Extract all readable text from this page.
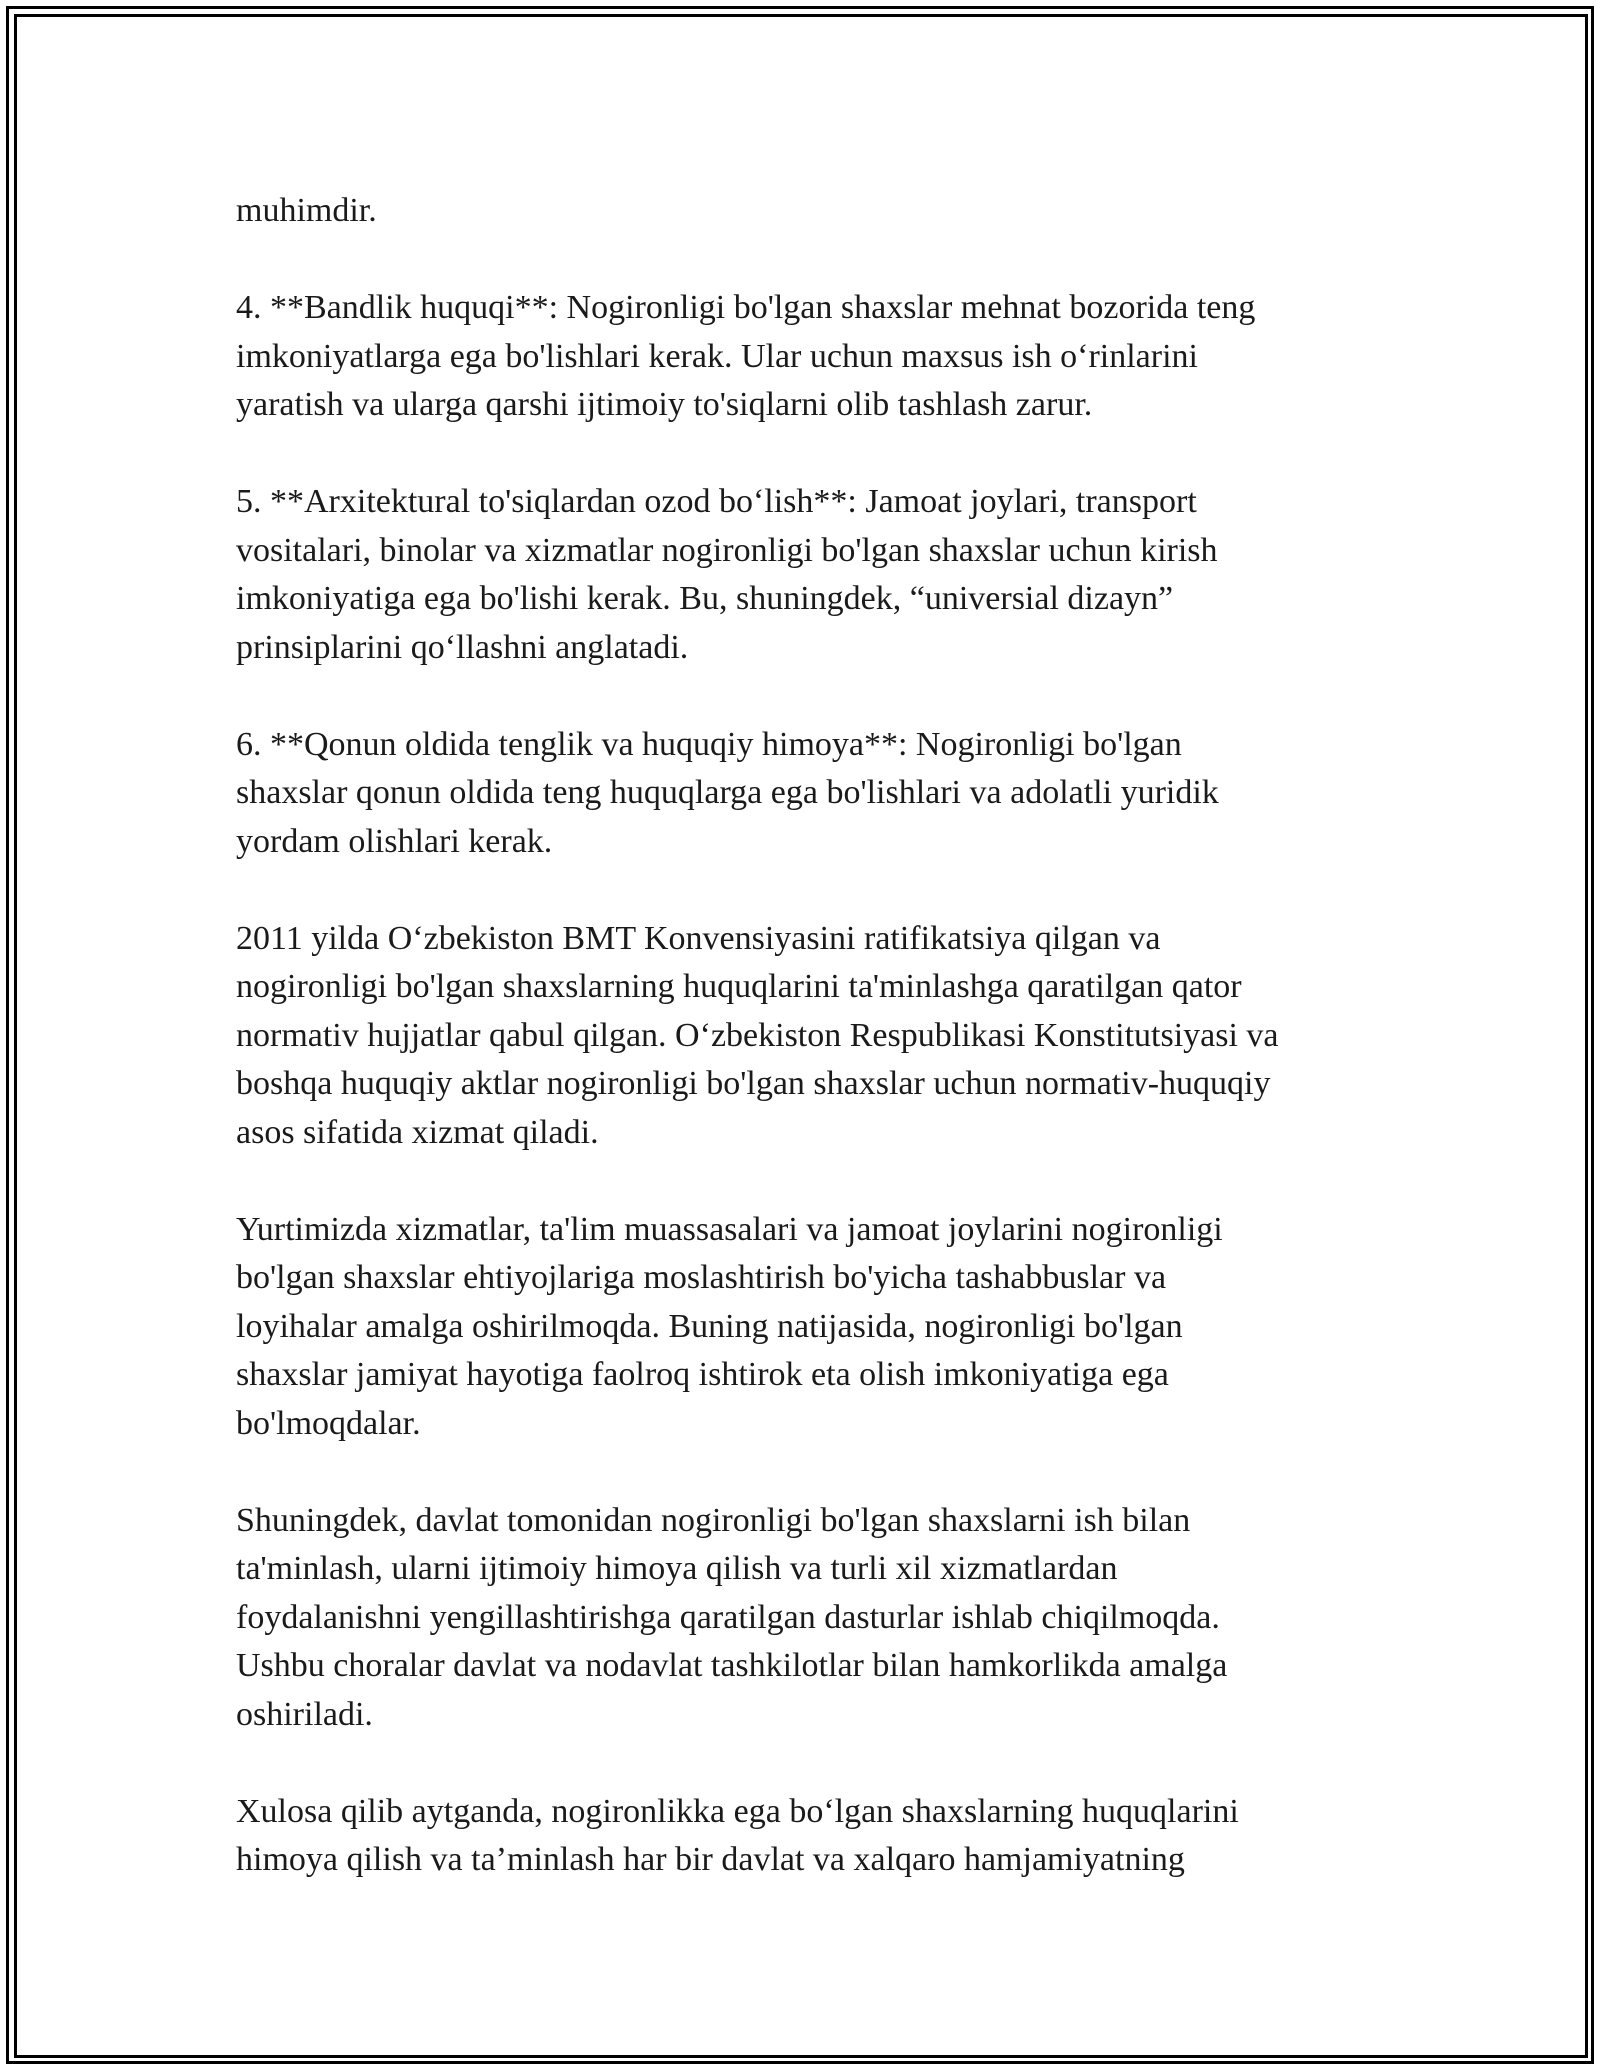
muhimdir.

4. **Bandlik huquqi**: Nogironligi bo'lgan shaxslar mehnat bozorida teng
imkoniyatlarga ega bo'lishlari kerak. Ular uchun maxsus ish o‘rinlarini
yaratish va ularga qarshi ijtimoiy to'siqlarni olib tashlash zarur.

5. **Arxitektural to'siqlardan ozod bo‘lish**: Jamoat joylari, transport
vositalari, binolar va xizmatlar nogironligi bo'lgan shaxslar uchun kirish
imkoniyatiga ega bo'lishi kerak. Bu, shuningdek, “universial dizayn”
prinsiplarini qo‘llashni anglatadi.

6. **Qonun oldida tenglik va huquqiy himoya**: Nogironligi bo'lgan
shaxslar qonun oldida teng huquqlarga ega bo'lishlari va adolatli yuridik
yordam olishlari kerak.

2011 yilda O‘zbekiston BMT Konvensiyasini ratifikatsiya qilgan va
nogironligi bo'lgan shaxslarning huquqlarini ta'minlashga qaratilgan qator
normativ hujjatlar qabul qilgan. O‘zbekiston Respublikasi Konstitutsiyasi va
boshqa huquqiy aktlar nogironligi bo'lgan shaxslar uchun normativ-huquqiy
asos sifatida xizmat qiladi.

Yurtimizda xizmatlar, ta'lim muassasalari va jamoat joylarini nogironligi
bo'lgan shaxslar ehtiyojlariga moslashtirish bo'yicha tashabbuslar va
loyihalar amalga oshirilmoqda. Buning natijasida, nogironligi bo'lgan
shaxslar jamiyat hayotiga faolroq ishtirok eta olish imkoniyatiga ega
bo'lmoqdalar.

Shuningdek, davlat tomonidan nogironligi bo'lgan shaxslarni ish bilan
ta'minlash, ularni ijtimoiy himoya qilish va turli xil xizmatlardan
foydalanishni yengillashtirishga qaratilgan dasturlar ishlab chiqilmoqda.
Ushbu choralar davlat va nodavlat tashkilotlar bilan hamkorlikda amalga
oshiriladi.

Xulosa qilib aytganda, nogironlikka ega bo‘lgan shaxslarning huquqlarini
himoya qilish va ta’minlash har bir davlat va xalqaro hamjamiyatning
